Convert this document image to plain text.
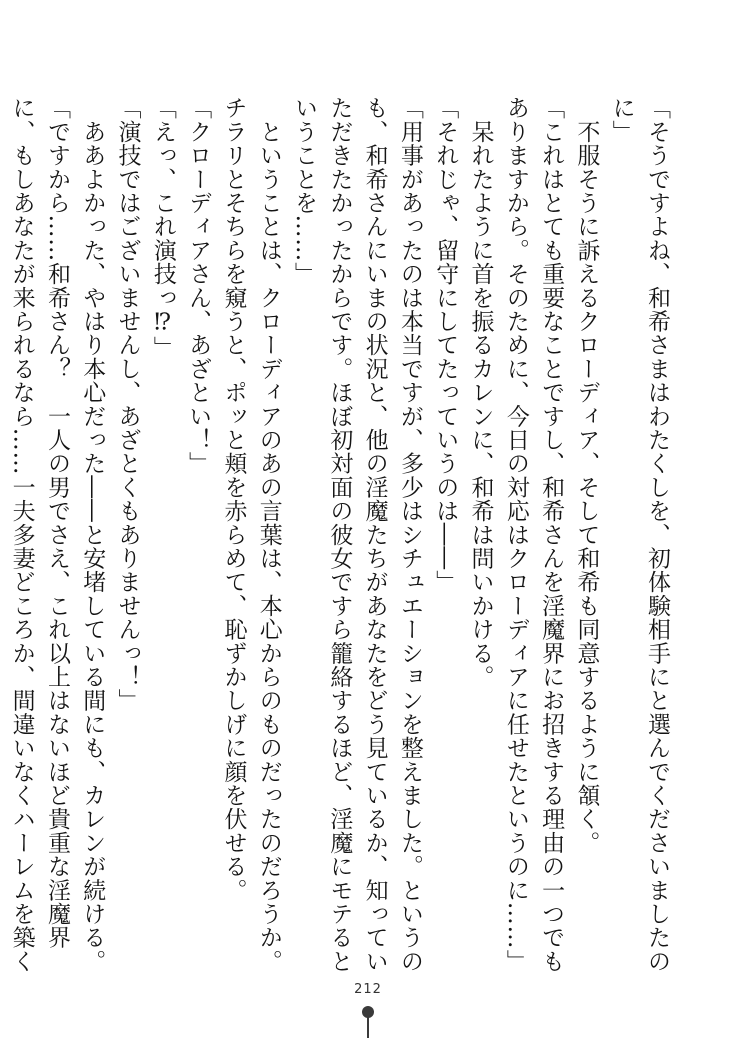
「そうですよね、和希さまはわたくしを、初体験相手にと選んでくださいましたのに」

　不服そうに訴えるクローディア、そして和希も同意するように頷く。

「これはとても重要なことですし、和希さんを淫魔界にお招きする理由の一つでもありますから。そのために、今日の対応はクローディアに任せたというのに……」

　呆れたように首を振るカレンに、和希は問いかける。

「それじゃ、留守にしてたっていうのは――」

「用事があったのは本当ですが、多少はシチュエーションを整えました。というのも、和希さんにいまの状況と、他の淫魔たちがあなたをどう見ているか、知っていただきたかったからです。ほぼ初対面の彼女ですら籠絡するほど、淫魔にモテるということを……」

　ということは、クローディアのあの言葉は、本心からのものだったのだろうか。チラリとそちらを窺うと、ポッと頬を赤らめて、恥ずかしげに顔を伏せる。

「クローディアさん、あざとい！」

「えっ、これ演技っ⁉」

「演技ではございませんし、あざとくもありませんっ！」

　ああよかった、やはり本心だった――と安堵している間にも、カレンが続ける。

「ですから……和希さん？　一人の男でさえ、これ以上はないほど貴重な淫魔界に、もしあなたが来られるなら……一夫多妻どころか、間違いなくハーレムを築く

212
